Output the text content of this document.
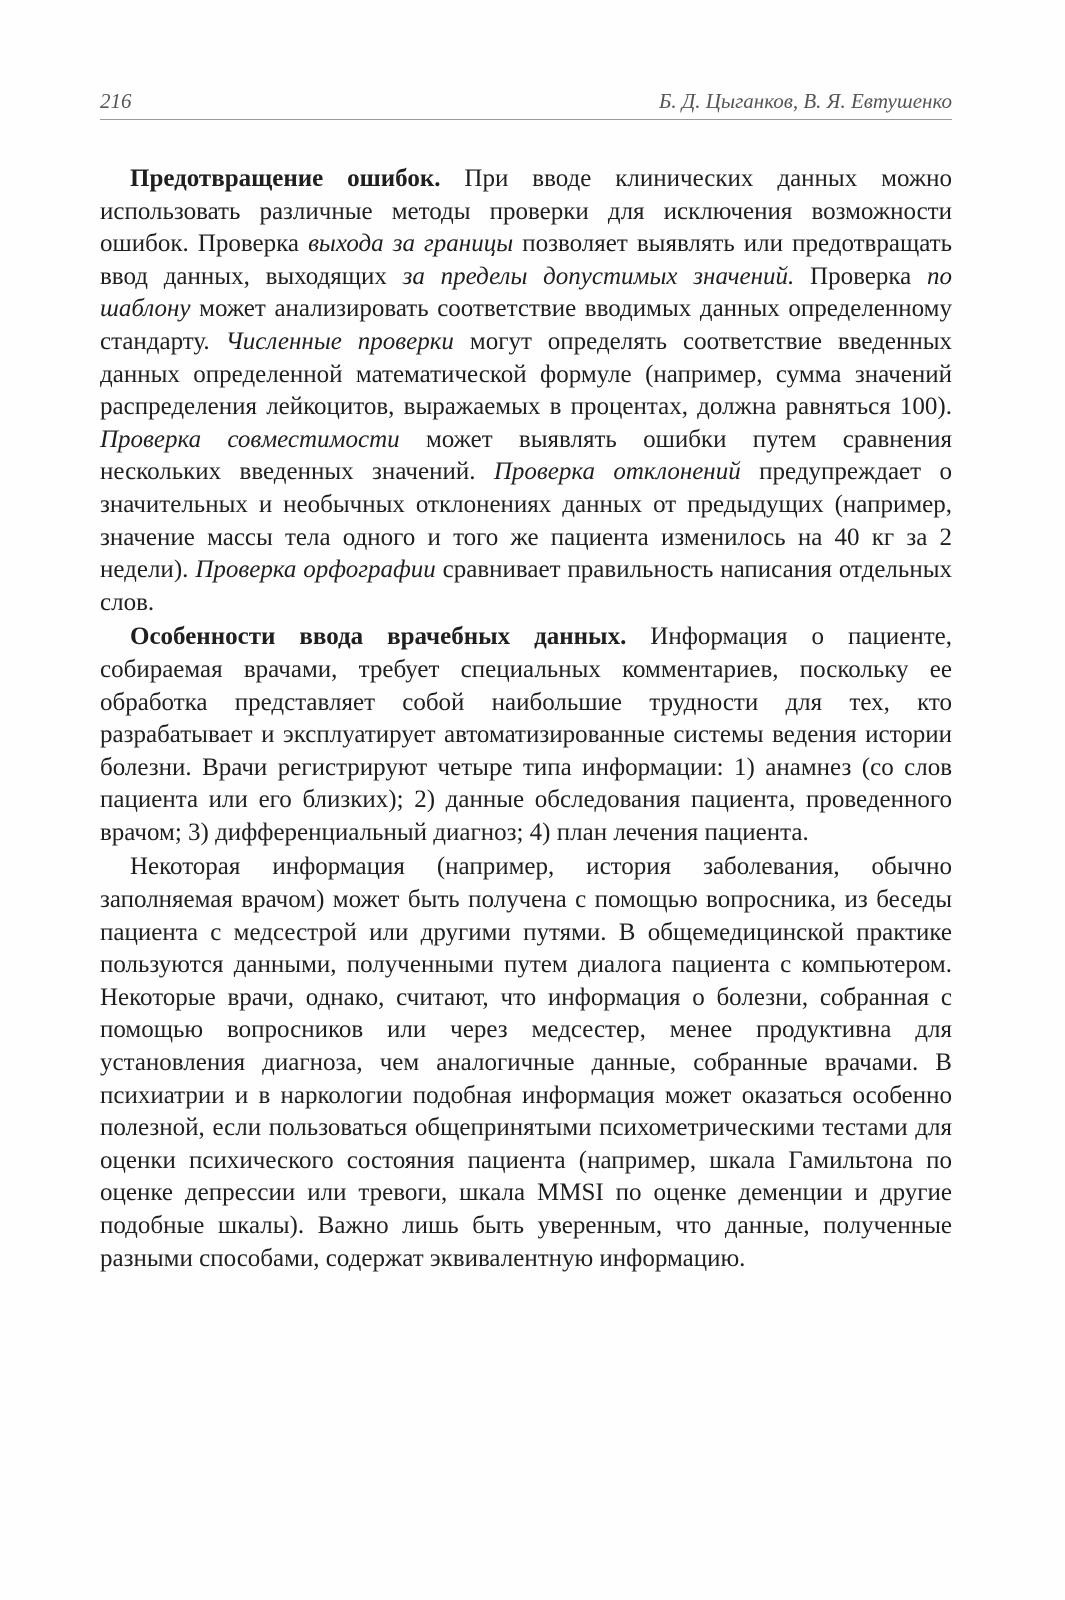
216	Б. Д. Цыганков, В. Я. Евтушенко

Предотвращение ошибок. При вводе клинических данных можно использовать различные методы проверки для исключения возможности ошибок. Проверка выхода за границы позволяет выявлять или предотвращать ввод данных, выходящих за пределы допустимых значений. Проверка по шаблону может анализировать соответствие вводимых данных определенному стандарту. Численные проверки могут определять соответствие введенных данных определенной математической формуле (например, сумма значений распределения лейкоцитов, выражаемых в процентах, должна равняться 100). Проверка совместимости может выявлять ошибки путем сравнения нескольких введенных значений. Проверка отклонений предупреждает о значительных и необычных отклонениях данных от предыдущих (например, значение массы тела одного и того же пациента изменилось на 40 кг за 2 недели). Проверка орфографии сравнивает правильность написания отдельных слов.

Особенности ввода врачебных данных. Информация о пациенте, собираемая врачами, требует специальных комментариев, поскольку ее обработка представляет собой наибольшие трудности для тех, кто разрабатывает и эксплуатирует автоматизированные системы ведения истории болезни. Врачи регистрируют четыре типа информации: 1) анамнез (со слов пациента или его близких); 2) данные обследования пациента, проведенного врачом; 3) дифференциальный диагноз; 4) план лечения пациента.

Некоторая информация (например, история заболевания, обычно заполняемая врачом) может быть получена с помощью вопросника, из беседы пациента с медсестрой или другими путями. В общемедицинской практике пользуются данными, полученными путем диалога пациента с компьютером. Некоторые врачи, однако, считают, что информация о болезни, собранная с помощью вопросников или через медсестер, менее продуктивна для установления диагноза, чем аналогичные данные, собранные врачами. В психиатрии и в наркологии подобная информация может оказаться особенно полезной, если пользоваться общепринятыми психометрическими тестами для оценки психического состояния пациента (например, шкала Гамильтона по оценке депрессии или тревоги, шкала MMSI по оценке деменции и другие подобные шкалы). Важно лишь быть уверенным, что данные, полученные разными способами, содержат эквивалентную информацию.
